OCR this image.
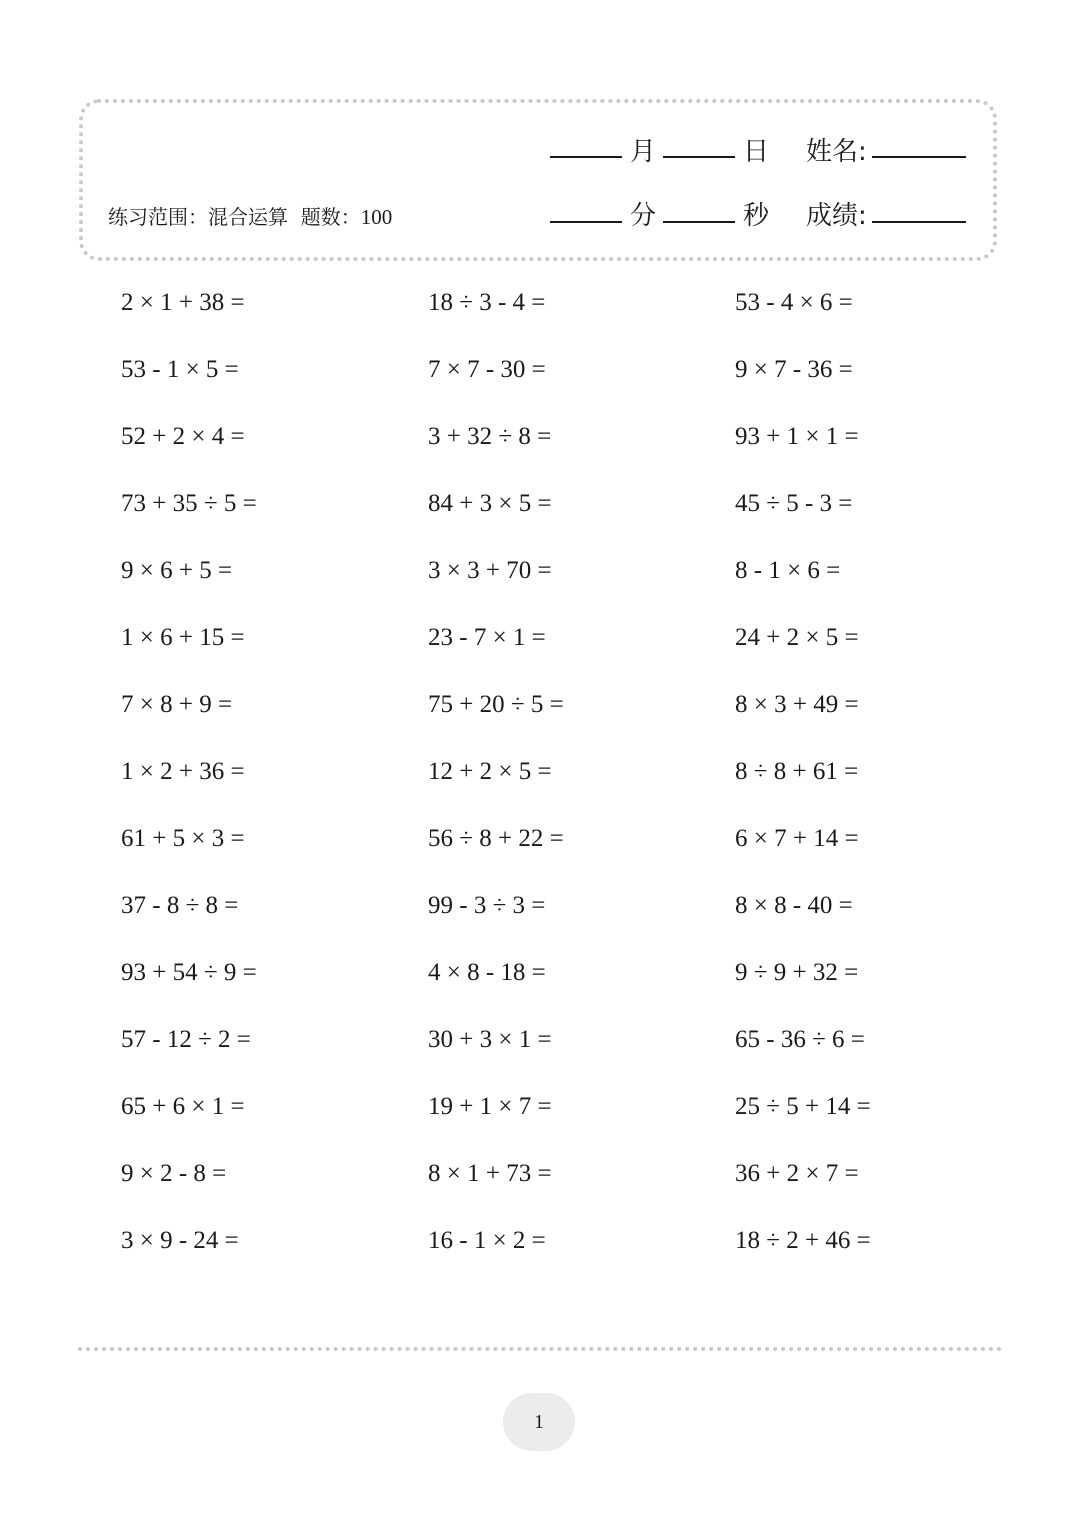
月	日 姓名:
练习范围：混合运算 题数：100	分	秒 成绩:
2 × 1 + 38 =	18 ÷ 3 - 4 =	53 - 4 × 6 =
53 - 1 × 5 =	7 × 7 - 30 =	9 × 7 - 36 =
52 + 2 × 4 =	3 + 32 ÷ 8 =	93 + 1 × 1 =
73 + 35 ÷ 5 =	84 + 3 × 5 =	45 ÷ 5 - 3 =
9 × 6 + 5 =	3 × 3 + 70 =	8 - 1 × 6 =
1 × 6 + 15 =	23 - 7 × 1 =	24 + 2 × 5 =
7 × 8 + 9 =	75 + 20 ÷ 5 =	8 × 3 + 49 =
1 × 2 + 36 =	12 + 2 × 5 =	8 ÷ 8 + 61 =
61 + 5 × 3 =	56 ÷ 8 + 22 =	6 × 7 + 14 =
37 - 8 ÷ 8 =	99 - 3 ÷ 3 =	8 × 8 - 40 =
93 + 54 ÷ 9 =	4 × 8 - 18 =	9 ÷ 9 + 32 =
57 - 12 ÷ 2 =	30 + 3 × 1 =	65 - 36 ÷ 6 =
65 + 6 × 1 =	19 + 1 × 7 =	25 ÷ 5 + 14 =
9 × 2 - 8 =	8 × 1 + 73 =	36 + 2 × 7 =
3 × 9 - 24 =	16 - 1 × 2 =	18 ÷ 2 + 46 =
1
